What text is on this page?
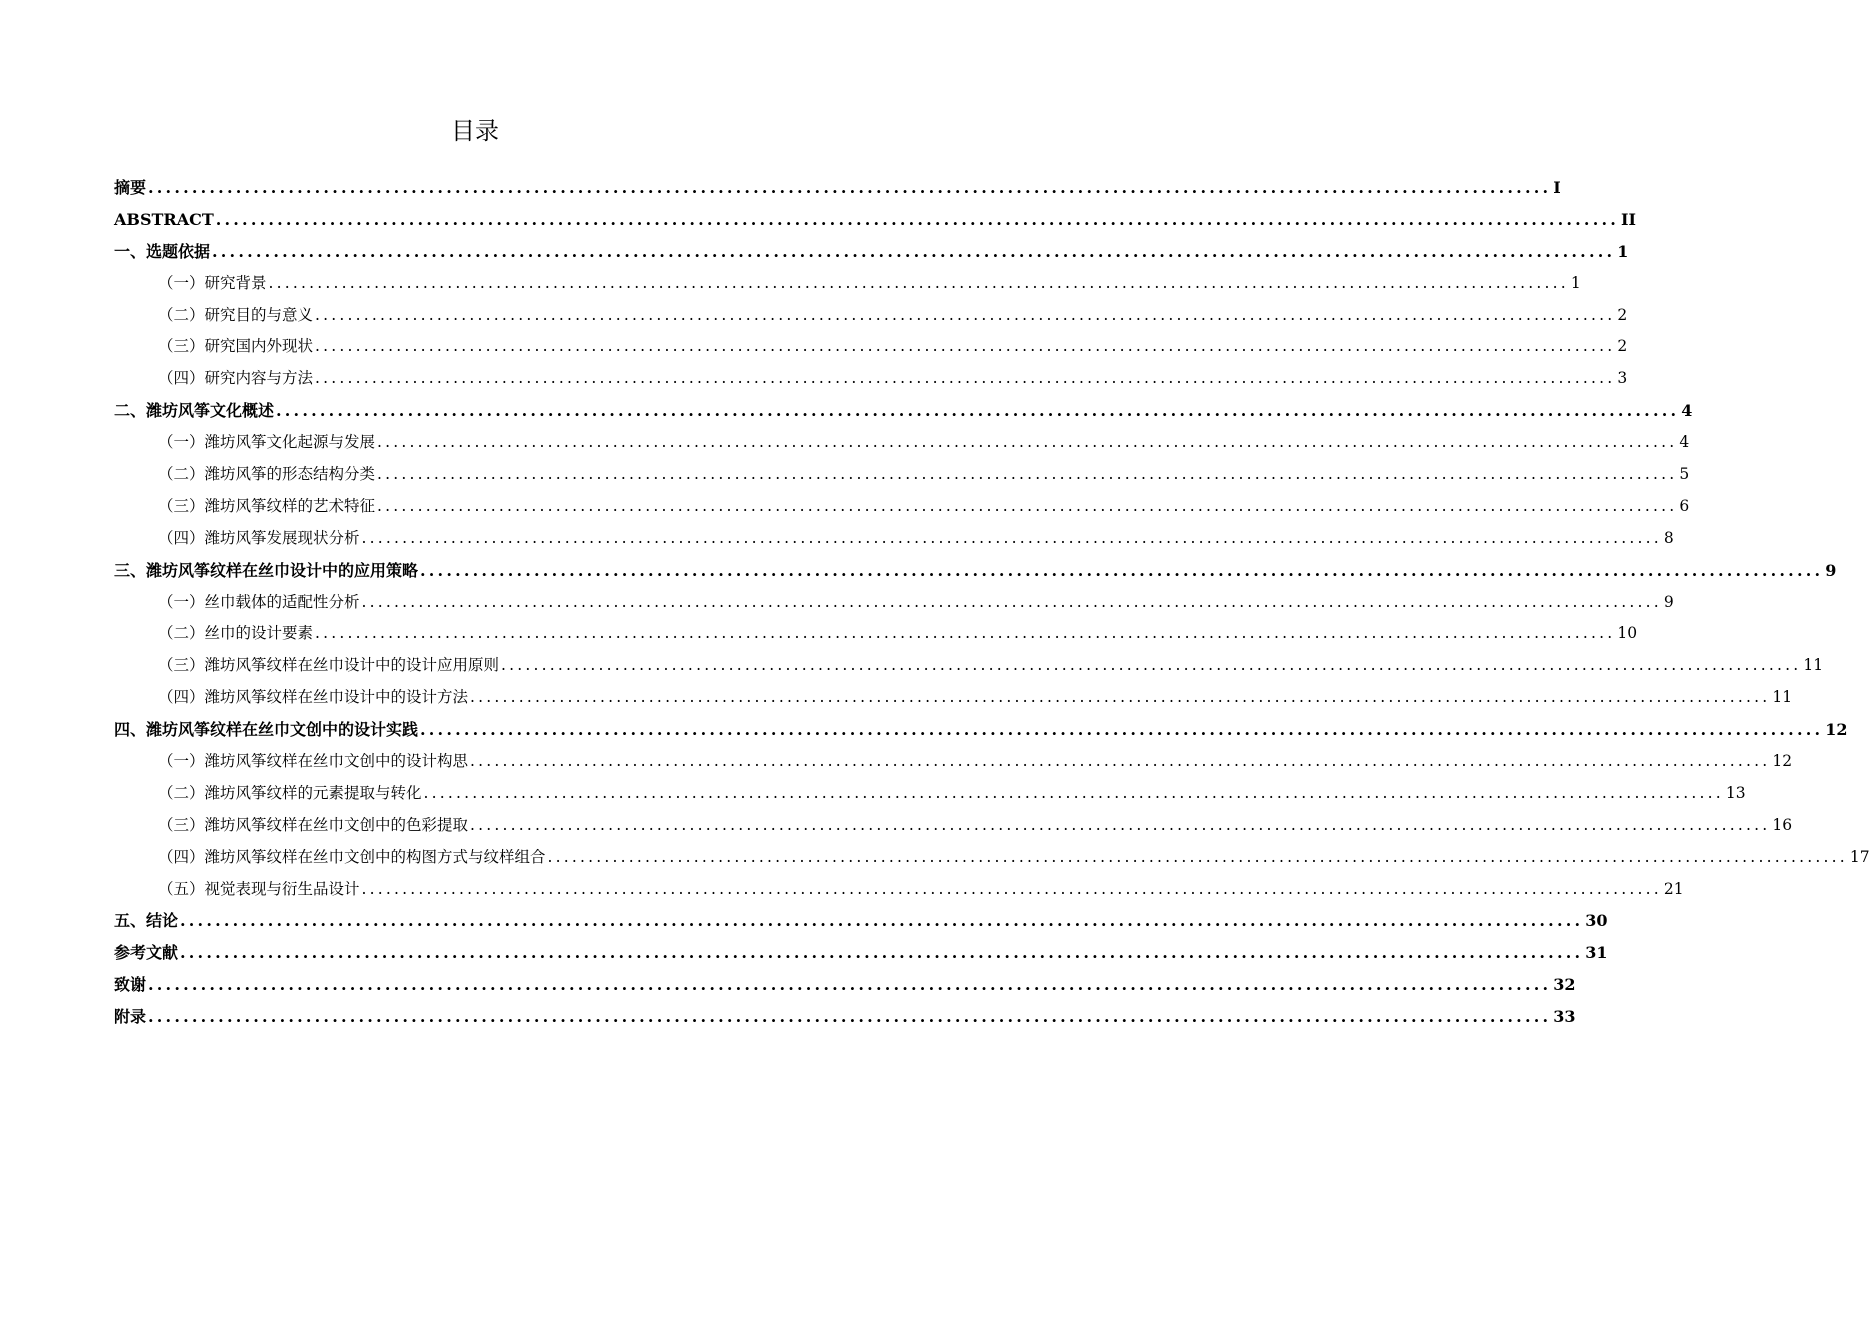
目录
摘要 ................................................................................................................................................................ I
ABSTRACT ................................................................................................................................................................ II
一、选题依据 ................................................................................................................................................................ 1
（一）研究背景 ................................................................................................................................................................ 1
（二）研究目的与意义 ................................................................................................................................................................ 2
（三）研究国内外现状 ................................................................................................................................................................ 2
（四）研究内容与方法 ................................................................................................................................................................ 3
二、潍坊风筝文化概述 ................................................................................................................................................................ 4
（一）潍坊风筝文化起源与发展 ................................................................................................................................................................ 4
（二）潍坊风筝的形态结构分类 ................................................................................................................................................................ 5
（三）潍坊风筝纹样的艺术特征 ................................................................................................................................................................ 6
（四）潍坊风筝发展现状分析 ................................................................................................................................................................ 8
三、潍坊风筝纹样在丝巾设计中的应用策略 ................................................................................................................................................................ 9
（一）丝巾载体的适配性分析 ................................................................................................................................................................ 9
（二）丝巾的设计要素 ................................................................................................................................................................ 10
（三）潍坊风筝纹样在丝巾设计中的设计应用原则 ................................................................................................................................................................ 11
（四）潍坊风筝纹样在丝巾设计中的设计方法 ................................................................................................................................................................ 11
四、潍坊风筝纹样在丝巾文创中的设计实践 ................................................................................................................................................................ 12
（一）潍坊风筝纹样在丝巾文创中的设计构思 ................................................................................................................................................................ 12
（二）潍坊风筝纹样的元素提取与转化 ................................................................................................................................................................ 13
（三）潍坊风筝纹样在丝巾文创中的色彩提取 ................................................................................................................................................................ 16
（四）潍坊风筝纹样在丝巾文创中的构图方式与纹样组合 ................................................................................................................................................................ 17
（五）视觉表现与衍生品设计 ................................................................................................................................................................ 21
五、结论 ................................................................................................................................................................ 30
参考文献 ................................................................................................................................................................ 31
致谢 ................................................................................................................................................................ 32
附录 ................................................................................................................................................................ 33
